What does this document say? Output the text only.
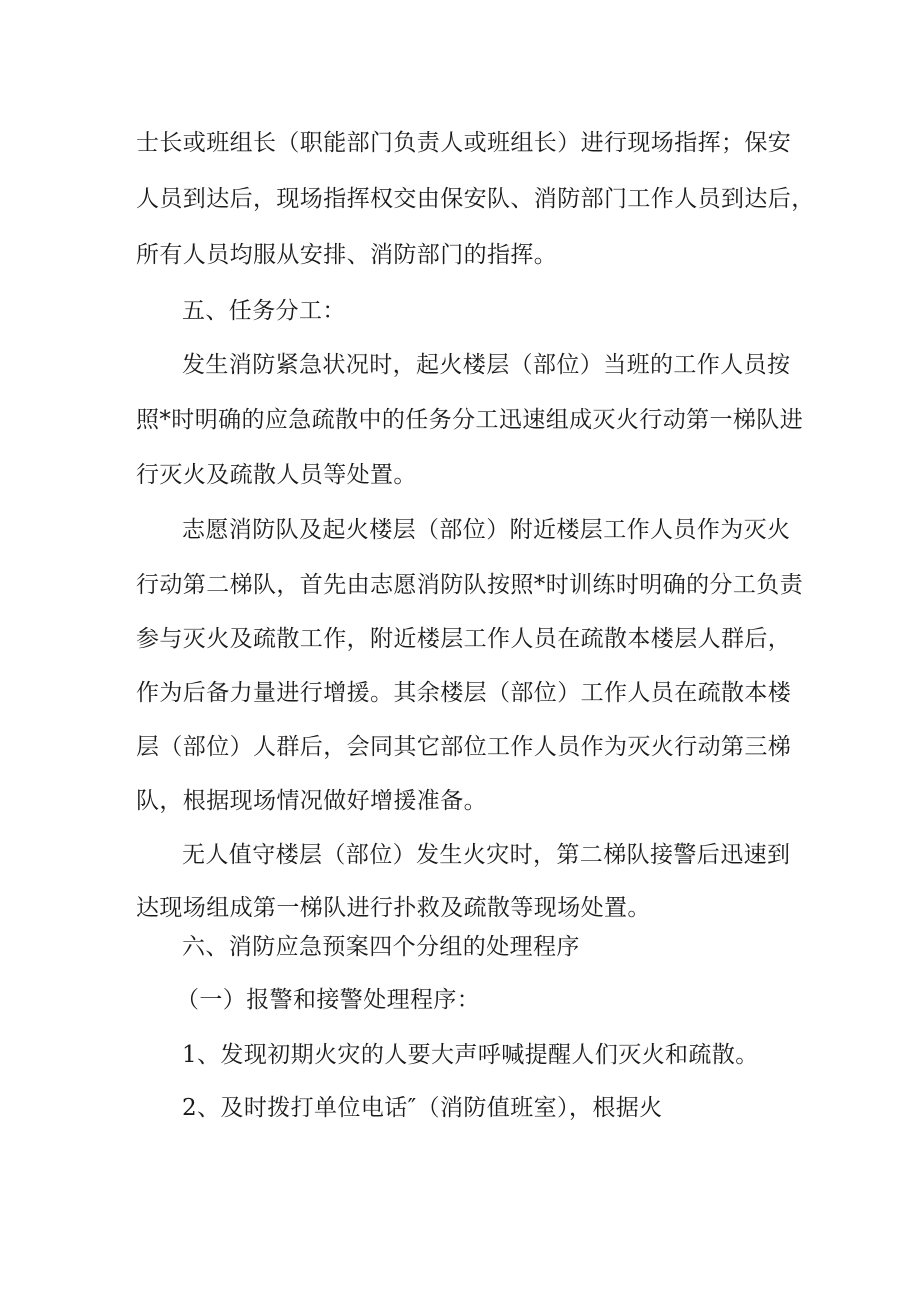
士长或班组长（职能部门负责人或班组长）进行现场指挥；保安
人员到达后，现场指挥权交由保安队、消防部门工作人员到达后，
所有人员均服从安排、消防部门的指挥。
五、任务分工：
发生消防紧急状况时，起火楼层（部位）当班的工作人员按
照*时明确的应急疏散中的任务分工迅速组成灭火行动第一梯队进
行灭火及疏散人员等处置。
志愿消防队及起火楼层（部位）附近楼层工作人员作为灭火
行动第二梯队，首先由志愿消防队按照*时训练时明确的分工负责
参与灭火及疏散工作，附近楼层工作人员在疏散本楼层人群后，
作为后备力量进行增援。其余楼层（部位）工作人员在疏散本楼
层（部位）人群后，会同其它部位工作人员作为灭火行动第三梯
队，根据现场情况做好增援准备。
无人值守楼层（部位）发生火灾时，第二梯队接警后迅速到
达现场组成第一梯队进行扑救及疏散等现场处置。
六、消防应急预案四个分组的处理程序
（一）报警和接警处理程序：
1、发现初期火灾的人要大声呼喊提醒人们灭火和疏散。
2、及时拨打单位电话″（消防值班室），根据火
